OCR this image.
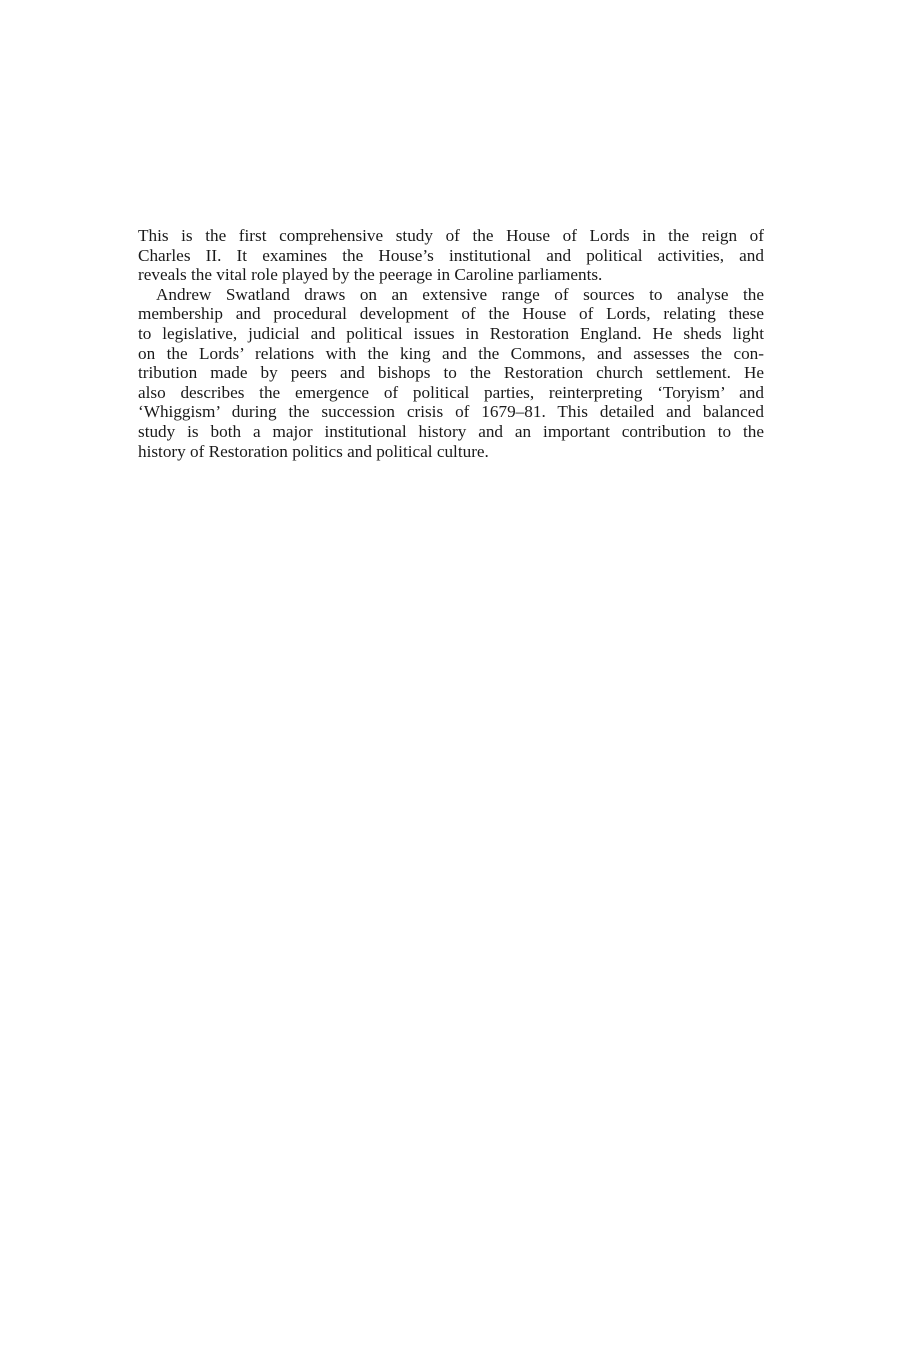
This is the first comprehensive study of the House of Lords in the reign of
Charles II. It examines the House’s institutional and political activities, and
reveals the vital role played by the peerage in Caroline parliaments.
Andrew Swatland draws on an extensive range of sources to analyse the
membership and procedural development of the House of Lords, relating these
to legislative, judicial and political issues in Restoration England. He sheds light
on the Lords’ relations with the king and the Commons, and assesses the con-
tribution made by peers and bishops to the Restoration church settlement. He
also describes the emergence of political parties, reinterpreting ‘Toryism’ and
‘Whiggism’ during the succession crisis of 1679–81. This detailed and balanced
study is both a major institutional history and an important contribution to the
history of Restoration politics and political culture.
